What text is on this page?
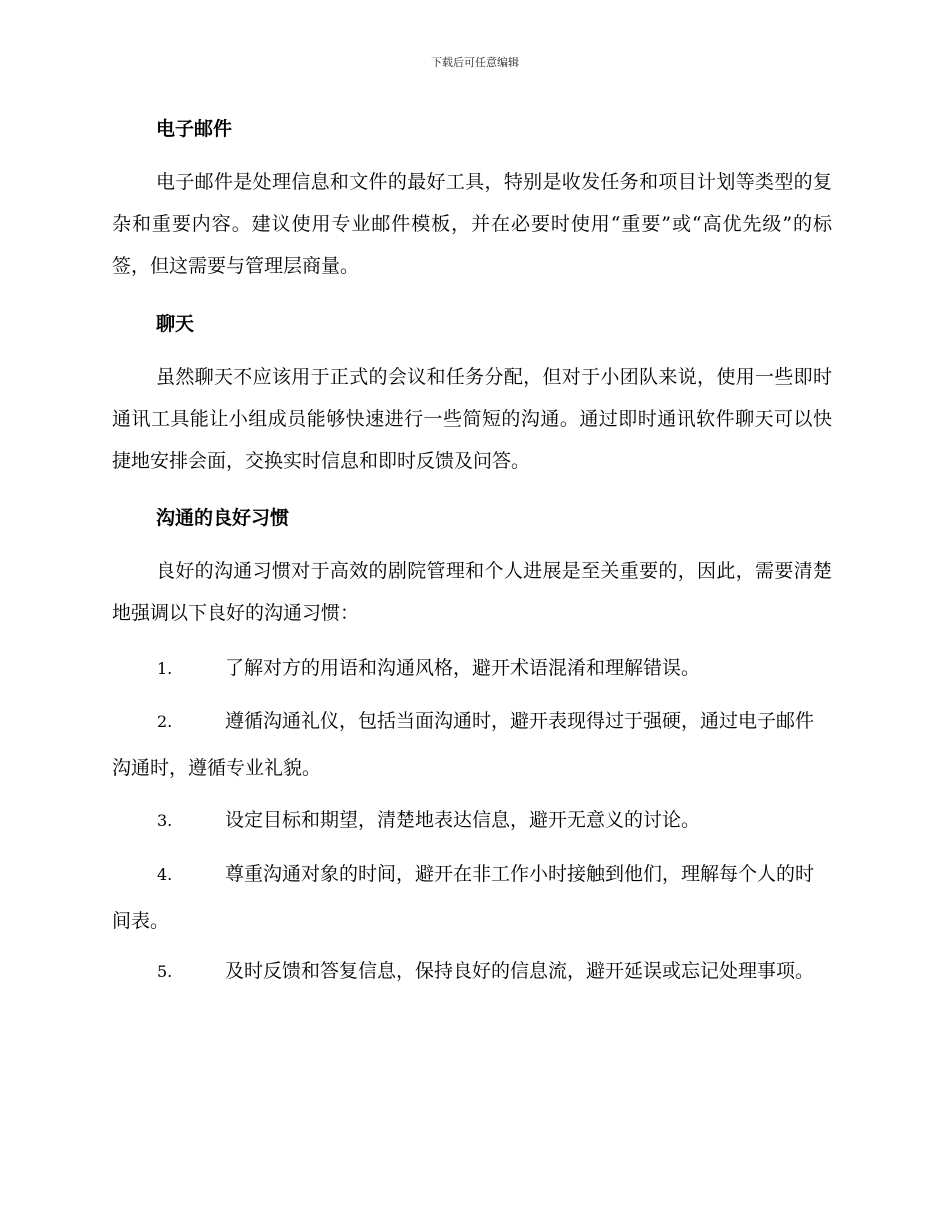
下载后可任意编辑
电子邮件

电子邮件是处理信息和文件的最好工具，特别是收发任务和项目计划等类型的复杂和重要内容。建议使用专业邮件模板，并在必要时使用“重要”或“高优先级”的标签，但这需要与管理层商量。

聊天

虽然聊天不应该用于正式的会议和任务分配，但对于小团队来说，使用一些即时通讯工具能让小组成员能够快速进行一些简短的沟通。通过即时通讯软件聊天可以快捷地安排会面，交换实时信息和即时反馈及问答。

沟通的良好习惯

良好的沟通习惯对于高效的剧院管理和个人进展是至关重要的，因此，需要清楚地强调以下良好的沟通习惯：

1.	了解对方的用语和沟通风格，避开术语混淆和理解错误。

2.	遵循沟通礼仪，包括当面沟通时，避开表现得过于强硬，通过电子邮件沟通时，遵循专业礼貌。

3.	设定目标和期望，清楚地表达信息，避开无意义的讨论。

4.	尊重沟通对象的时间，避开在非工作小时接触到他们，理解每个人的时间表。

5.	及时反馈和答复信息，保持良好的信息流，避开延误或忘记处理事项。
